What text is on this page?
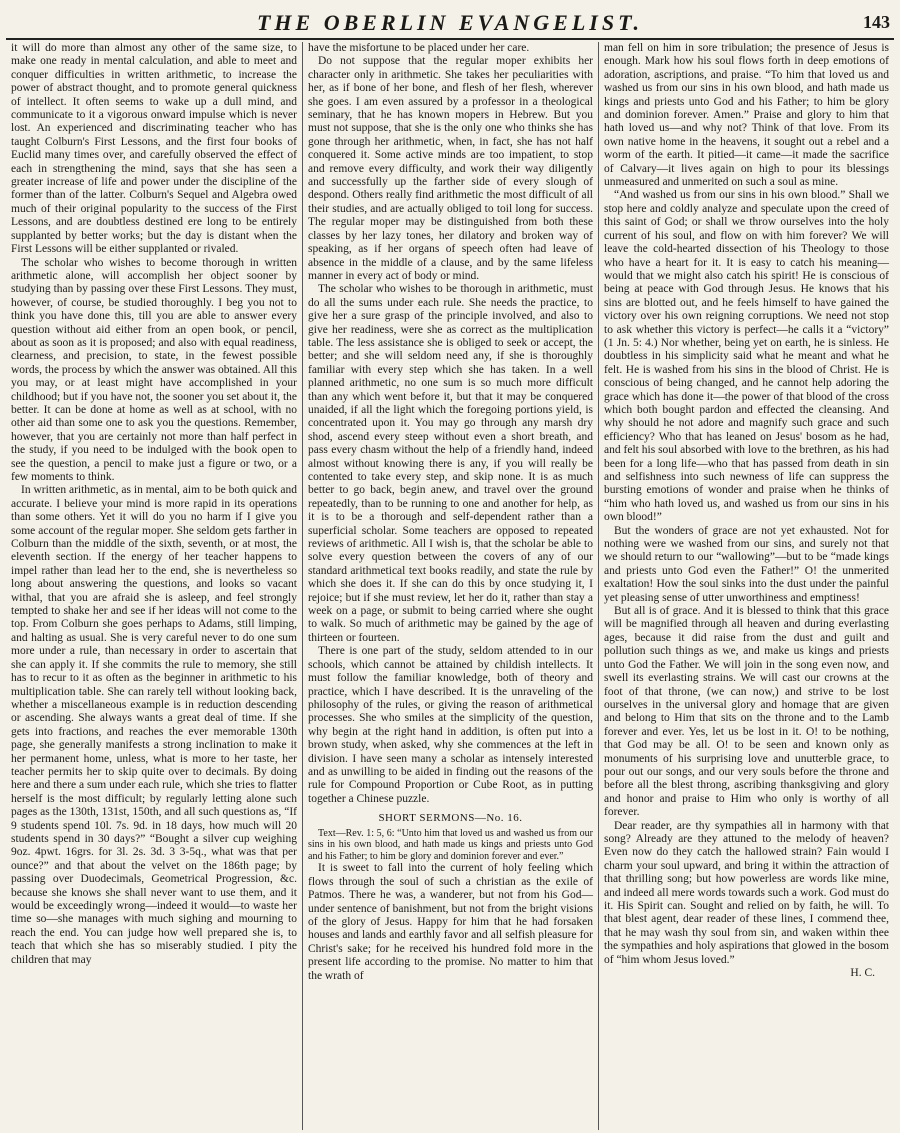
THE OBERLIN EVANGELIST.	143

it will do more than almost any other of the same size, to make one ready in mental calculation, and able to meet and conquer difficulties in written arithmetic, to increase the power of abstract thought, and to promote general quickness of intellect. It often seems to wake up a dull mind, and communicate to it a vigorous onward impulse which is never lost. An experienced and discriminating teacher who has taught Colburn's First Lessons, and the first four books of Euclid many times over, and carefully observed the effect of each in strengthening the mind, says that she has seen a greater increase of life and power under the discipline of the former than of the latter. Colburn's Sequel and Algebra owed much of their original popularity to the success of the First Lessons, and are doubtless destined ere long to be entirely supplanted by better works; but the day is distant when the First Lessons will be either supplanted or rivaled.

The scholar who wishes to become thorough in written arithmetic alone, will accomplish her object sooner by studying than by passing over these First Lessons. They must, however, of course, be studied thoroughly. I beg you not to think you have done this, till you are able to answer every question without aid either from an open book, or pencil, about as soon as it is proposed; and also with equal readiness, clearness, and precision, to state, in the fewest possible words, the process by which the answer was obtained. All this you may, or at least might have accomplished in your childhood; but if you have not, the sooner you set about it, the better. It can be done at home as well as at school, with no other aid than some one to ask you the questions. Remember, however, that you are certainly not more than half perfect in the study, if you need to be indulged with the book open to see the question, a pencil to make just a figure or two, or a few moments to think.

In written arithmetic, as in mental, aim to be both quick and accurate. I believe your mind is more rapid in its operations than some others. Yet it will do you no harm if I give you some account of the regular moper. She seldom gets farther in Colburn than the middle of the sixth, seventh, or at most, the eleventh section. If the energy of her teacher happens to impel rather than lead her to the end, she is nevertheless so long about answering the questions, and looks so vacant withal, that you are afraid she is asleep, and feel strongly tempted to shake her and see if her ideas will not come to the top. From Colburn she goes perhaps to Adams, still limping, and halting as usual. She is very careful never to do one sum more under a rule, than necessary in order to ascertain that she can apply it. If she commits the rule to memory, she still has to recur to it as often as the beginner in arithmetic to his multiplication table. She can rarely tell without looking back, whether a miscellaneous example is in reduction descending or ascending. She always wants a great deal of time. If she gets into fractions, and reaches the ever memorable 130th page, she generally manifests a strong inclination to make it her permanent home, unless, what is more to her taste, her teacher permits her to skip quite over to decimals. By doing here and there a sum under each rule, which she tries to flatter herself is the most difficult; by regularly letting alone such pages as the 130th, 131st, 150th, and all such questions as, “If 9 students spend 10l. 7s. 9d. in 18 days, how much will 20 students spend in 30 days?” “Bought a silver cup weighing 9oz. 4pwt. 16grs. for 3l. 2s. 3d. 3 3-5q., what was that per ounce?” and that about the velvet on the 186th page; by passing over Duodecimals, Geometrical Progression, &c. because she knows she shall never want to use them, and it would be exceedingly wrong—indeed it would—to waste her time so—she manages with much sighing and mourning to reach the end. You can judge how well prepared she is, to teach that which she has so miserably studied. I pity the children that may

have the misfortune to be placed under her care.

Do not suppose that the regular moper exhibits her character only in arithmetic. She takes her peculiarities with her, as if bone of her bone, and flesh of her flesh, wherever she goes. I am even assured by a professor in a theological seminary, that he has known mopers in Hebrew. But you must not suppose, that she is the only one who thinks she has gone through her arithmetic, when, in fact, she has not half conquered it. Some active minds are too impatient, to stop and remove every difficulty, and work their way diligently and successfully up the farther side of every slough of despond. Others really find arithmetic the most difficult of all their studies, and are actually obliged to toil long for success. The regular moper may be distinguished from both these classes by her lazy tones, her dilatory and broken way of speaking, as if her organs of speech often had leave of absence in the middle of a clause, and by the same lifeless manner in every act of body or mind.

The scholar who wishes to be thorough in arithmetic, must do all the sums under each rule. She needs the practice, to give her a sure grasp of the principle involved, and also to give her readiness, were she as correct as the multiplication table. The less assistance she is obliged to seek or accept, the better; and she will seldom need any, if she is thoroughly familiar with every step which she has taken. In a well planned arithmetic, no one sum is so much more difficult than any which went before it, but that it may be conquered unaided, if all the light which the foregoing portions yield, is concentrated upon it. You may go through any marsh dry shod, ascend every steep without even a short breath, and pass every chasm without the help of a friendly hand, indeed almost without knowing there is any, if you will really be contented to take every step, and skip none. It is as much better to go back, begin anew, and travel over the ground repeatedly, than to be running to one and another for help, as it is to be a thorough and self-dependent rather than a superficial scholar. Some teachers are opposed to repeated reviews of arithmetic. All I wish is, that the scholar be able to solve every question between the covers of any of our standard arithmetical text books readily, and state the rule by which she does it. If she can do this by once studying it, I rejoice; but if she must review, let her do it, rather than stay a week on a page, or submit to being carried where she ought to walk. So much of arithmetic may be gained by the age of thirteen or fourteen.

There is one part of the study, seldom attended to in our schools, which cannot be attained by childish intellects. It must follow the familiar knowledge, both of theory and practice, which I have described. It is the unraveling of the philosophy of the rules, or giving the reason of arithmetical processes. She who smiles at the simplicity of the question, why begin at the right hand in addition, is often put into a brown study, when asked, why she commences at the left in division. I have seen many a scholar as intensely interested and as unwilling to be aided in finding out the reasons of the rule for Compound Proportion or Cube Root, as in putting together a Chinese puzzle.

SHORT SERMONS—No. 16.

Text—Rev. 1: 5, 6: “Unto him that loved us and washed us from our sins in his own blood, and hath made us kings and priests unto God and his Father; to him be glory and dominion forever and ever.”

It is sweet to fall into the current of holy feeling which flows through the soul of such a christian as the exile of Patmos. There he was, a wanderer, but not from his God—under sentence of banishment, but not from the bright visions of the glory of Jesus. Happy for him that he had forsaken houses and lands and earthly favor and all selfish pleasure for Christ's sake; for he received his hundred fold more in the present life according to the promise. No matter to him that the wrath of

man fell on him in sore tribulation; the presence of Jesus is enough. Mark how his soul flows forth in deep emotions of adoration, ascriptions, and praise. “To him that loved us and washed us from our sins in his own blood, and hath made us kings and priests unto God and his Father; to him be glory and dominion forever. Amen.” Praise and glory to him that hath loved us—and why not? Think of that love. From its own native home in the heavens, it sought out a rebel and a worm of the earth. It pitied—it came—it made the sacrifice of Calvary—it lives again on high to pour its blessings unmeasured and unmerited on such a soul as mine.

“And washed us from our sins in his own blood.” Shall we stop here and coldly analyze and speculate upon the creed of this saint of God; or shall we throw ourselves into the holy current of his soul, and flow on with him forever? We will leave the cold-hearted dissection of his Theology to those who have a heart for it. It is easy to catch his meaning—would that we might also catch his spirit! He is conscious of being at peace with God through Jesus. He knows that his sins are blotted out, and he feels himself to have gained the victory over his own reigning corruptions. We need not stop to ask whether this victory is perfect—he calls it a “victory” (1 Jn. 5: 4.) Nor whether, being yet on earth, he is sinless. He doubtless in his simplicity said what he meant and what he felt. He is washed from his sins in the blood of Christ. He is conscious of being changed, and he cannot help adoring the grace which has done it—the power of that blood of the cross which both bought pardon and effected the cleansing. And why should he not adore and magnify such grace and such efficiency? Who that has leaned on Jesus' bosom as he had, and felt his soul absorbed with love to the brethren, as his had been for a long life—who that has passed from death in sin and selfishness into such newness of life can suppress the bursting emotions of wonder and praise when he thinks of “him who hath loved us, and washed us from our sins in his own blood!”

But the wonders of grace are not yet exhausted. Not for nothing were we washed from our sins, and surely not that we should return to our “wallowing”—but to be “made kings and priests unto God even the Father!” O! the unmerited exaltation! How the soul sinks into the dust under the painful yet pleasing sense of utter unworthiness and emptiness!

But all is of grace. And it is blessed to think that this grace will be magnified through all heaven and during everlasting ages, because it did raise from the dust and guilt and pollution such things as we, and make us kings and priests unto God the Father. We will join in the song even now, and swell its everlasting strains. We will cast our crowns at the foot of that throne, (we can now,) and strive to be lost ourselves in the universal glory and homage that are given and belong to Him that sits on the throne and to the Lamb forever and ever. Yes, let us be lost in it. O! to be nothing, that God may be all. O! to be seen and known only as monuments of his surprising love and unutterble grace, to pour out our songs, and our very souls before the throne and before all the blest throng, ascribing thanksgiving and glory and honor and praise to Him who only is worthy of all forever.

Dear reader, are thy sympathies all in harmony with that song? Already are they attuned to the melody of heaven? Even now do they catch the hallowed strain? Fain would I charm your soul upward, and bring it within the attraction of that thrilling song; but how powerless are words like mine, and indeed all mere words towards such a work. God must do it. His Spirit can. Sought and relied on by faith, he will. To that blest agent, dear reader of these lines, I commend thee, that he may wash thy soul from sin, and waken within thee the sympathies and holy aspirations that glowed in the bosom of “him whom Jesus loved.”

H. C.
